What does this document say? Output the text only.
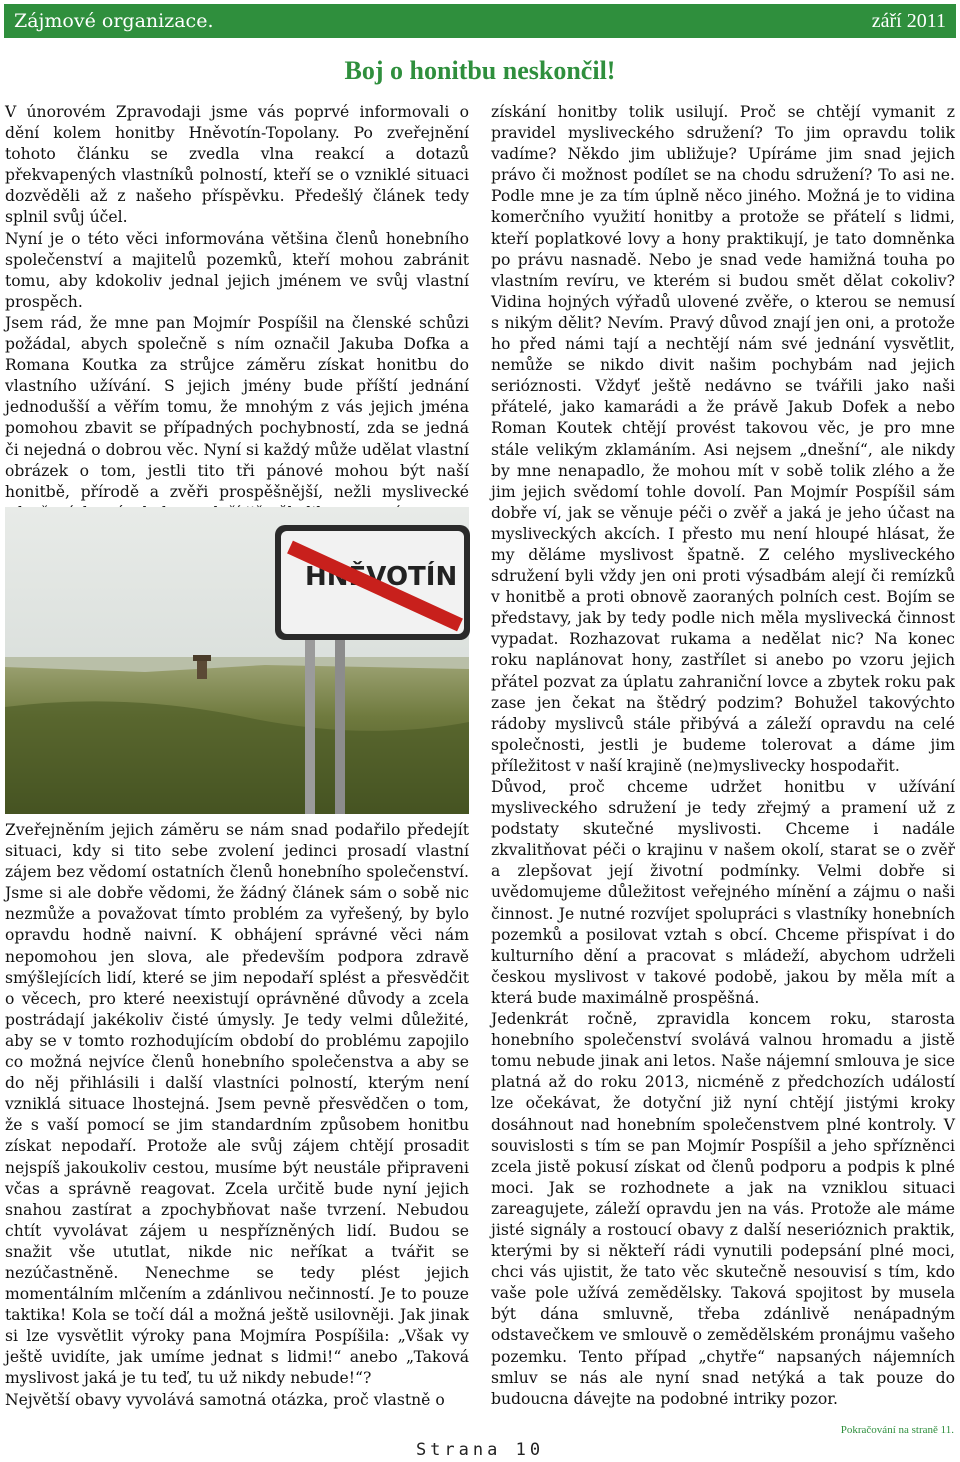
Zájmové organizace.	září 2011
Boj o honitbu neskončil!

V únorovém Zpravodaji jsme vás poprvé informovali o dění kolem honitby Hněvotín-Topolany. Po zveřejnění tohoto článku se zvedla vlna reakcí a dotazů překvapených vlastníků polností, kteří se o vzniklé situaci dozvěděli až z našeho příspěvku. Předešlý článek tedy splnil svůj účel.

Nyní je o této věci informována většina členů honebního společenství a majitelů pozemků, kteří mohou zabránit tomu, aby kdokoliv jednal jejich jménem ve svůj vlastní prospěch.

Jsem rád, že mne pan Mojmír Pospíšil na členské schůzi požádal, abych společně s ním označil Jakuba Dofka a Romana Koutka za strůjce záměru získat honitbu do vlastního užívání. S jejich jmény bude příští jednání jednodušší a věřím tomu, že mnohým z vás jejich jména pomohou zbavit se případných pochybností, zda se jedná či nejedná o dobrou věc. Nyní si každý může udělat vlastní obrázek o tom, jestli tito tři pánové mohou být naší honitbě, přírodě a zvěři prospěšnější, nežli myslivecké

HNĚVOTÍN

Zveřejněním jejich záměru se nám snad podařilo předejít situaci, kdy si tito sebe zvolení jedinci prosadí vlastní zájem bez vědomí ostatních členů honebního společenství. Jsme si ale dobře vědomi, že žádný článek sám o sobě nic nezmůže a považovat tímto problém za vyřešený, by bylo opravdu hodně naivní. K obhájení správné věci nám nepomohou jen slova, ale především podpora zdravě smýšlejících lidí, které se jim nepodaří splést a přesvědčit o věcech, pro které neexistují oprávněné důvody a zcela postrádají jakékoliv čisté úmysly. Je tedy velmi důležité, aby se v tomto rozhodujícím období do problému zapojilo co možná nejvíce členů honebního společenstva a aby se do něj přihlásili i další vlastníci polností, kterým není vzniklá situace lhostejná. Jsem pevně přesvědčen o tom, že s vaší pomocí se jim standardním způsobem honitbu získat nepodaří. Protože ale svůj zájem chtějí prosadit nejspíš jakoukoliv cestou, musíme být neustále připraveni včas a správně reagovat. Zcela určitě bude nyní jejich snahou zastírat a zpochybňovat naše tvrzení. Nebudou chtít vyvolávat zájem u nespřízněných lidí. Budou se snažit vše ututlat, nikde nic neříkat a tvářit se nezúčastněně. Nenechme se tedy plést jejich momentálním mlčením a zdánlivou nečinností. Je to pouze taktika! Kola se točí dál a možná ještě usilovněji. Jak jinak si lze vysvětlit výroky pana Mojmíra Pospíšila: „Však vy ještě uvidíte, jak umíme jednat s lidmi!“ anebo „Taková myslivost jaká je tu teď, tu už nikdy nebude!“?

Největší obavy vyvolává samotná otázka, proč vlastně o

získání honitby tolik usilují. Proč se chtějí vymanit z pravidel mysliveckého sdružení? To jim opravdu tolik vadíme? Někdo jim ubližuje? Upíráme jim snad jejich právo či možnost podílet se na chodu sdružení? To asi ne. Podle mne je za tím úplně něco jiného. Možná je to vidina komerčního využití honitby a protože se přátelí s lidmi, kteří poplatkové lovy a hony praktikují, je tato domněnka po právu nasnadě. Nebo je snad vede hamižná touha po vlastním revíru, ve kterém si budou smět dělat cokoliv? Vidina hojných výřadů ulovené zvěře, o kterou se nemusí s nikým dělit? Nevím. Pravý důvod znají jen oni, a protože ho před námi tají a nechtějí nám své jednání vysvětlit, nemůže se nikdo divit našim pochybám nad jejich serióznosti. Vždyť ještě nedávno se tvářili jako naši přátelé, jako kamarádi a že právě Jakub Dofek a nebo Roman Koutek chtějí provést takovou věc, je pro mne stále velikým zklamáním. Asi nejsem „dnešní“, ale nikdy by mne nenapadlo, že mohou mít v sobě tolik zlého a že jim jejich svědomí tohle dovolí. Pan Mojmír Pospíšil sám dobře ví, jak se věnuje péči o zvěř a jaká je jeho účast na mysliveckých akcích. I přesto mu není hloupé hlásat, že my děláme myslivost špatně. Z celého mysliveckého sdružení byli vždy jen oni proti výsadbám alejí či remízků v honitbě a proti obnově zaoraných polních cest. Bojím se představy, jak by tedy podle nich měla myslivecká činnost vypadat. Rozhazovat rukama a nedělat nic? Na konec roku naplánovat hony, zastřílet si anebo po vzoru jejich přátel pozvat za úplatu zahraniční lovce a zbytek roku pak zase jen čekat na štědrý podzim? Bohužel takovýchto rádoby myslivců stále přibývá a záleží opravdu na celé společnosti, jestli je budeme tolerovat a dáme jim příležitost v naší krajině (ne)myslivecky hospodařit.

Důvod, proč chceme udržet honitbu v užívání mysliveckého sdružení je tedy zřejmý a pramení už z podstaty skutečné myslivosti. Chceme i nadále zkvalitňovat péči o krajinu v našem okolí, starat se o zvěř a zlepšovat její životní podmínky. Velmi dobře si uvědomujeme důležitost veřejného mínění a zájmu o naši činnost. Je nutné rozvíjet spolupráci s vlastníky honebních pozemků a posilovat vztah s obcí. Chceme přispívat i do kulturního dění a pracovat s mládeží, abychom udrželi českou myslivost v takové podobě, jakou by měla mít a která bude maximálně prospěšná.

Jedenkrát ročně, zpravidla koncem roku, starosta honebního společenství svolává valnou hromadu a jistě tomu nebude jinak ani letos. Naše nájemní smlouva je sice platná až do roku 2013, nicméně z předchozích událostí lze očekávat, že dotyční již nyní chtějí jistými kroky dosáhnout nad honebním společenstvem plné kontroly. V souvislosti s tím se pan Mojmír Pospíšil a jeho spřízněnci zcela jistě pokusí získat od členů podporu a podpis k plné moci. Jak se rozhodnete a jak na vzniklou situaci zareagujete, záleží opravdu jen na vás. Protože ale máme jisté signály a rostoucí obavy z další neserióznich praktik, kterými by si někteří rádi vynutili podepsání plné moci, chci vás ujistit, že tato věc skutečně nesouvisí s tím, kdo vaše pole užívá zemědělsky. Taková spojitost by musela být dána smluvně, třeba zdánlivě nenápadným odstavečkem ve smlouvě o zemědělském pronájmu vašeho pozemku. Tento případ „chytře“ napsaných nájemních smluv se nás ale nyní snad netýká a tak pouze do budoucna dávejte na podobné intriky pozor.

Pokračování na straně 11.
Strana 10
